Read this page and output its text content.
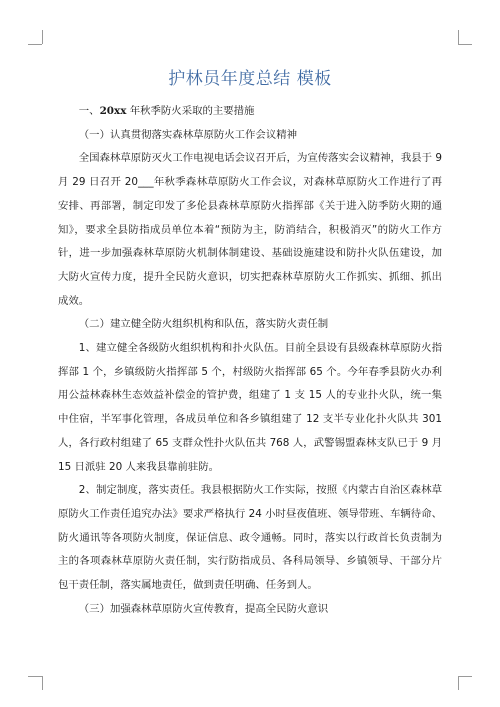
护林员年度总结 模板

一、20xx 年秋季防火采取的主要措施

（一）认真贯彻落实森林草原防火工作会议精神

全国森林草原防灭火工作电视电话会议召开后，为宣传落实会议精神，我县于 9 月 29 日召开 20___年秋季森林草原防火工作会议，对森林草原防火工作进行了再安排、再部署，制定印发了多伦县森林草原防火指挥部《关于进入防季防火期的通知》，要求全县防指成员单位本着“预防为主，防消结合，积极消灭”的防火工作方针，进一步加强森林草原防火机制体制建设、基础设施建设和防扑火队伍建设，加大防火宣传力度，提升全民防火意识，切实把森林草原防火工作抓实、抓细、抓出成效。

（二）建立健全防火组织机构和队伍，落实防火责任制

1、建立健全各级防火组织机构和扑火队伍。目前全县设有县级森林草原防火指挥部 1 个，乡镇级防火指挥部 5 个，村级防火指挥部 65 个。今年春季县防火办利用公益林森林生态效益补偿金的管护费，组建了 1 支 15 人的专业扑火队，统一集中住宿，半军事化管理，各成员单位和各乡镇组建了 12 支半专业化扑火队共 301 人，各行政村组建了 65 支群众性扑火队伍共 768 人，武警锡盟森林支队已于 9 月 15 日派驻 20 人来我县靠前驻防。

2、制定制度，落实责任。我县根据防火工作实际，按照《内蒙古自治区森林草原防火工作责任追究办法》要求严格执行 24 小时昼夜值班、领导带班、车辆待命、防火通讯等各项防火制度，保证信息、政令通畅。同时，落实以行政首长负责制为主的各项森林草原防火责任制，实行防指成员、各科局领导、乡镇领导、干部分片包干责任制，落实属地责任，做到责任明确、任务到人。

（三）加强森林草原防火宣传教育，提高全民防火意识
